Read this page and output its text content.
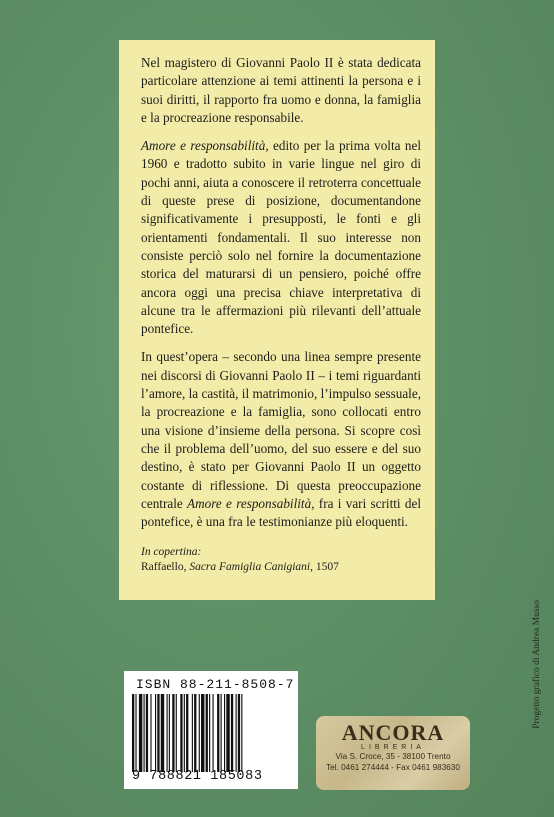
Nel magistero di Giovanni Paolo II è stata dedicata particolare attenzione ai temi attinenti la persona e i suoi diritti, il rapporto fra uomo e donna, la famiglia e la procreazione responsabile.

Amore e responsabilità, edito per la prima volta nel 1960 e tradotto subito in varie lingue nel giro di pochi anni, aiuta a conoscere il retroterra concettuale di queste prese di posizione, documentandone significativamente i presupposti, le fonti e gli orientamenti fondamentali. Il suo interesse non consiste perciò solo nel fornire la documentazione storica del maturarsi di un pensiero, poiché offre ancora oggi una precisa chiave interpretativa di alcune tra le affermazioni più rilevanti dell’attuale pontefice.

In quest’opera – secondo una linea sempre presente nei discorsi di Giovanni Paolo II – i temi riguardanti l’amore, la castità, il matrimonio, l’impulso sessuale, la procreazione e la famiglia, sono collocati entro una visione d’insieme della persona. Si scopre così che il problema dell’uomo, del suo essere e del suo destino, è stato per Giovanni Paolo II un oggetto costante di riflessione. Di questa preoccupazione centrale Amore e responsabilità, fra i vari scritti del pontefice, è una fra le testimonianze più eloquenti.

In copertina:
Raffaello, Sacra Famiglia Canigiani, 1507
Progetto grafico di Andrea Musso
ISBN 88-211-8508-7
9 788821 185083
ANCORA
LIBRERIA
Via S. Croce, 35 - 38100 Trento
Tel. 0461 274444 - Fax 0461 983630
